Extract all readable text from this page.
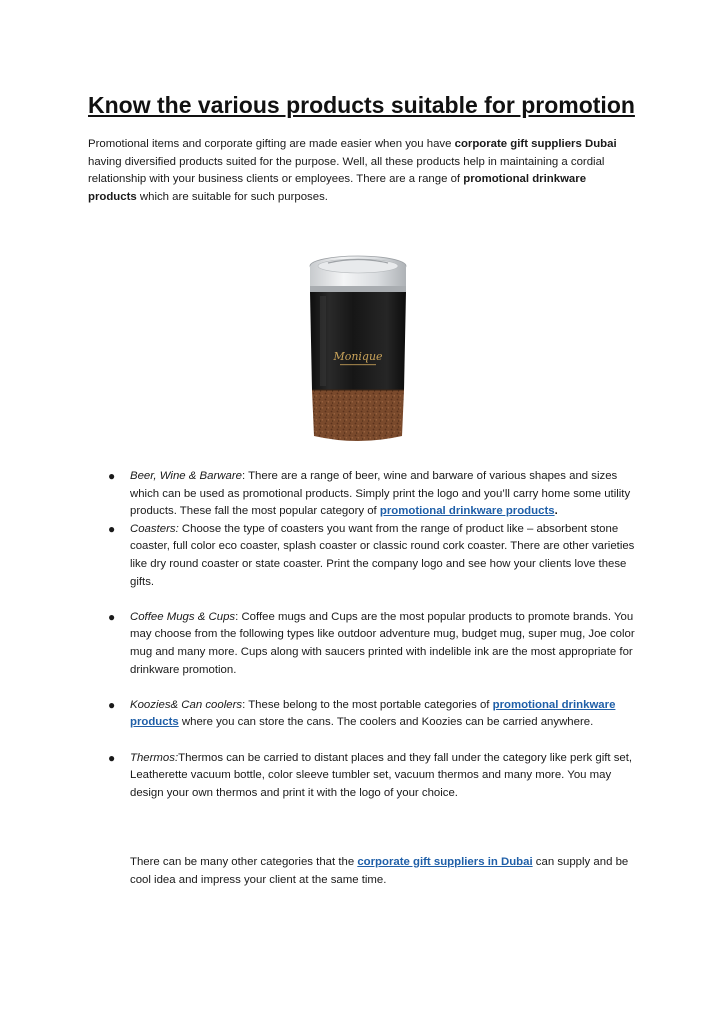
Know the various products suitable for promotion

Promotional items and corporate gifting are made easier when you have corporate gift suppliers Dubai having diversified products suited for the purpose. Well, all these products help in maintaining a cordial relationship with your business clients or employees. There are a range of promotional drinkware products which are suitable for such purposes.

Monique
● Beer, Wine & Barware: There are a range of beer, wine and barware of various shapes and sizes which can be used as promotional products. Simply print the logo and you’ll carry home some utility products. These fall the most popular category of promotional drinkware products.
● Coasters: Choose the type of coasters you want from the range of product like – absorbent stone coaster, full color eco coaster, splash coaster or classic round cork coaster. There are other varieties like dry round coaster or state coaster. Print the company logo and see how your clients love these gifts.
● Coffee Mugs & Cups: Coffee mugs and Cups are the most popular products to promote brands. You may choose from the following types like outdoor adventure mug, budget mug, super mug, Joe color mug and many more. Cups along with saucers printed with indelible ink are the most appropriate for drinkware promotion.
● Koozies& Can coolers: These belong to the most portable categories of promotional drinkware products where you can store the cans. The coolers and Koozies can be carried anywhere.
● Thermos:Thermos can be carried to distant places and they fall under the category like perk gift set, Leatherette vacuum bottle, color sleeve tumbler set, vacuum thermos and many more. You may design your own thermos and print it with the logo of your choice.

There can be many other categories that the corporate gift suppliers in Dubai can supply and be cool idea and impress your client at the same time.
